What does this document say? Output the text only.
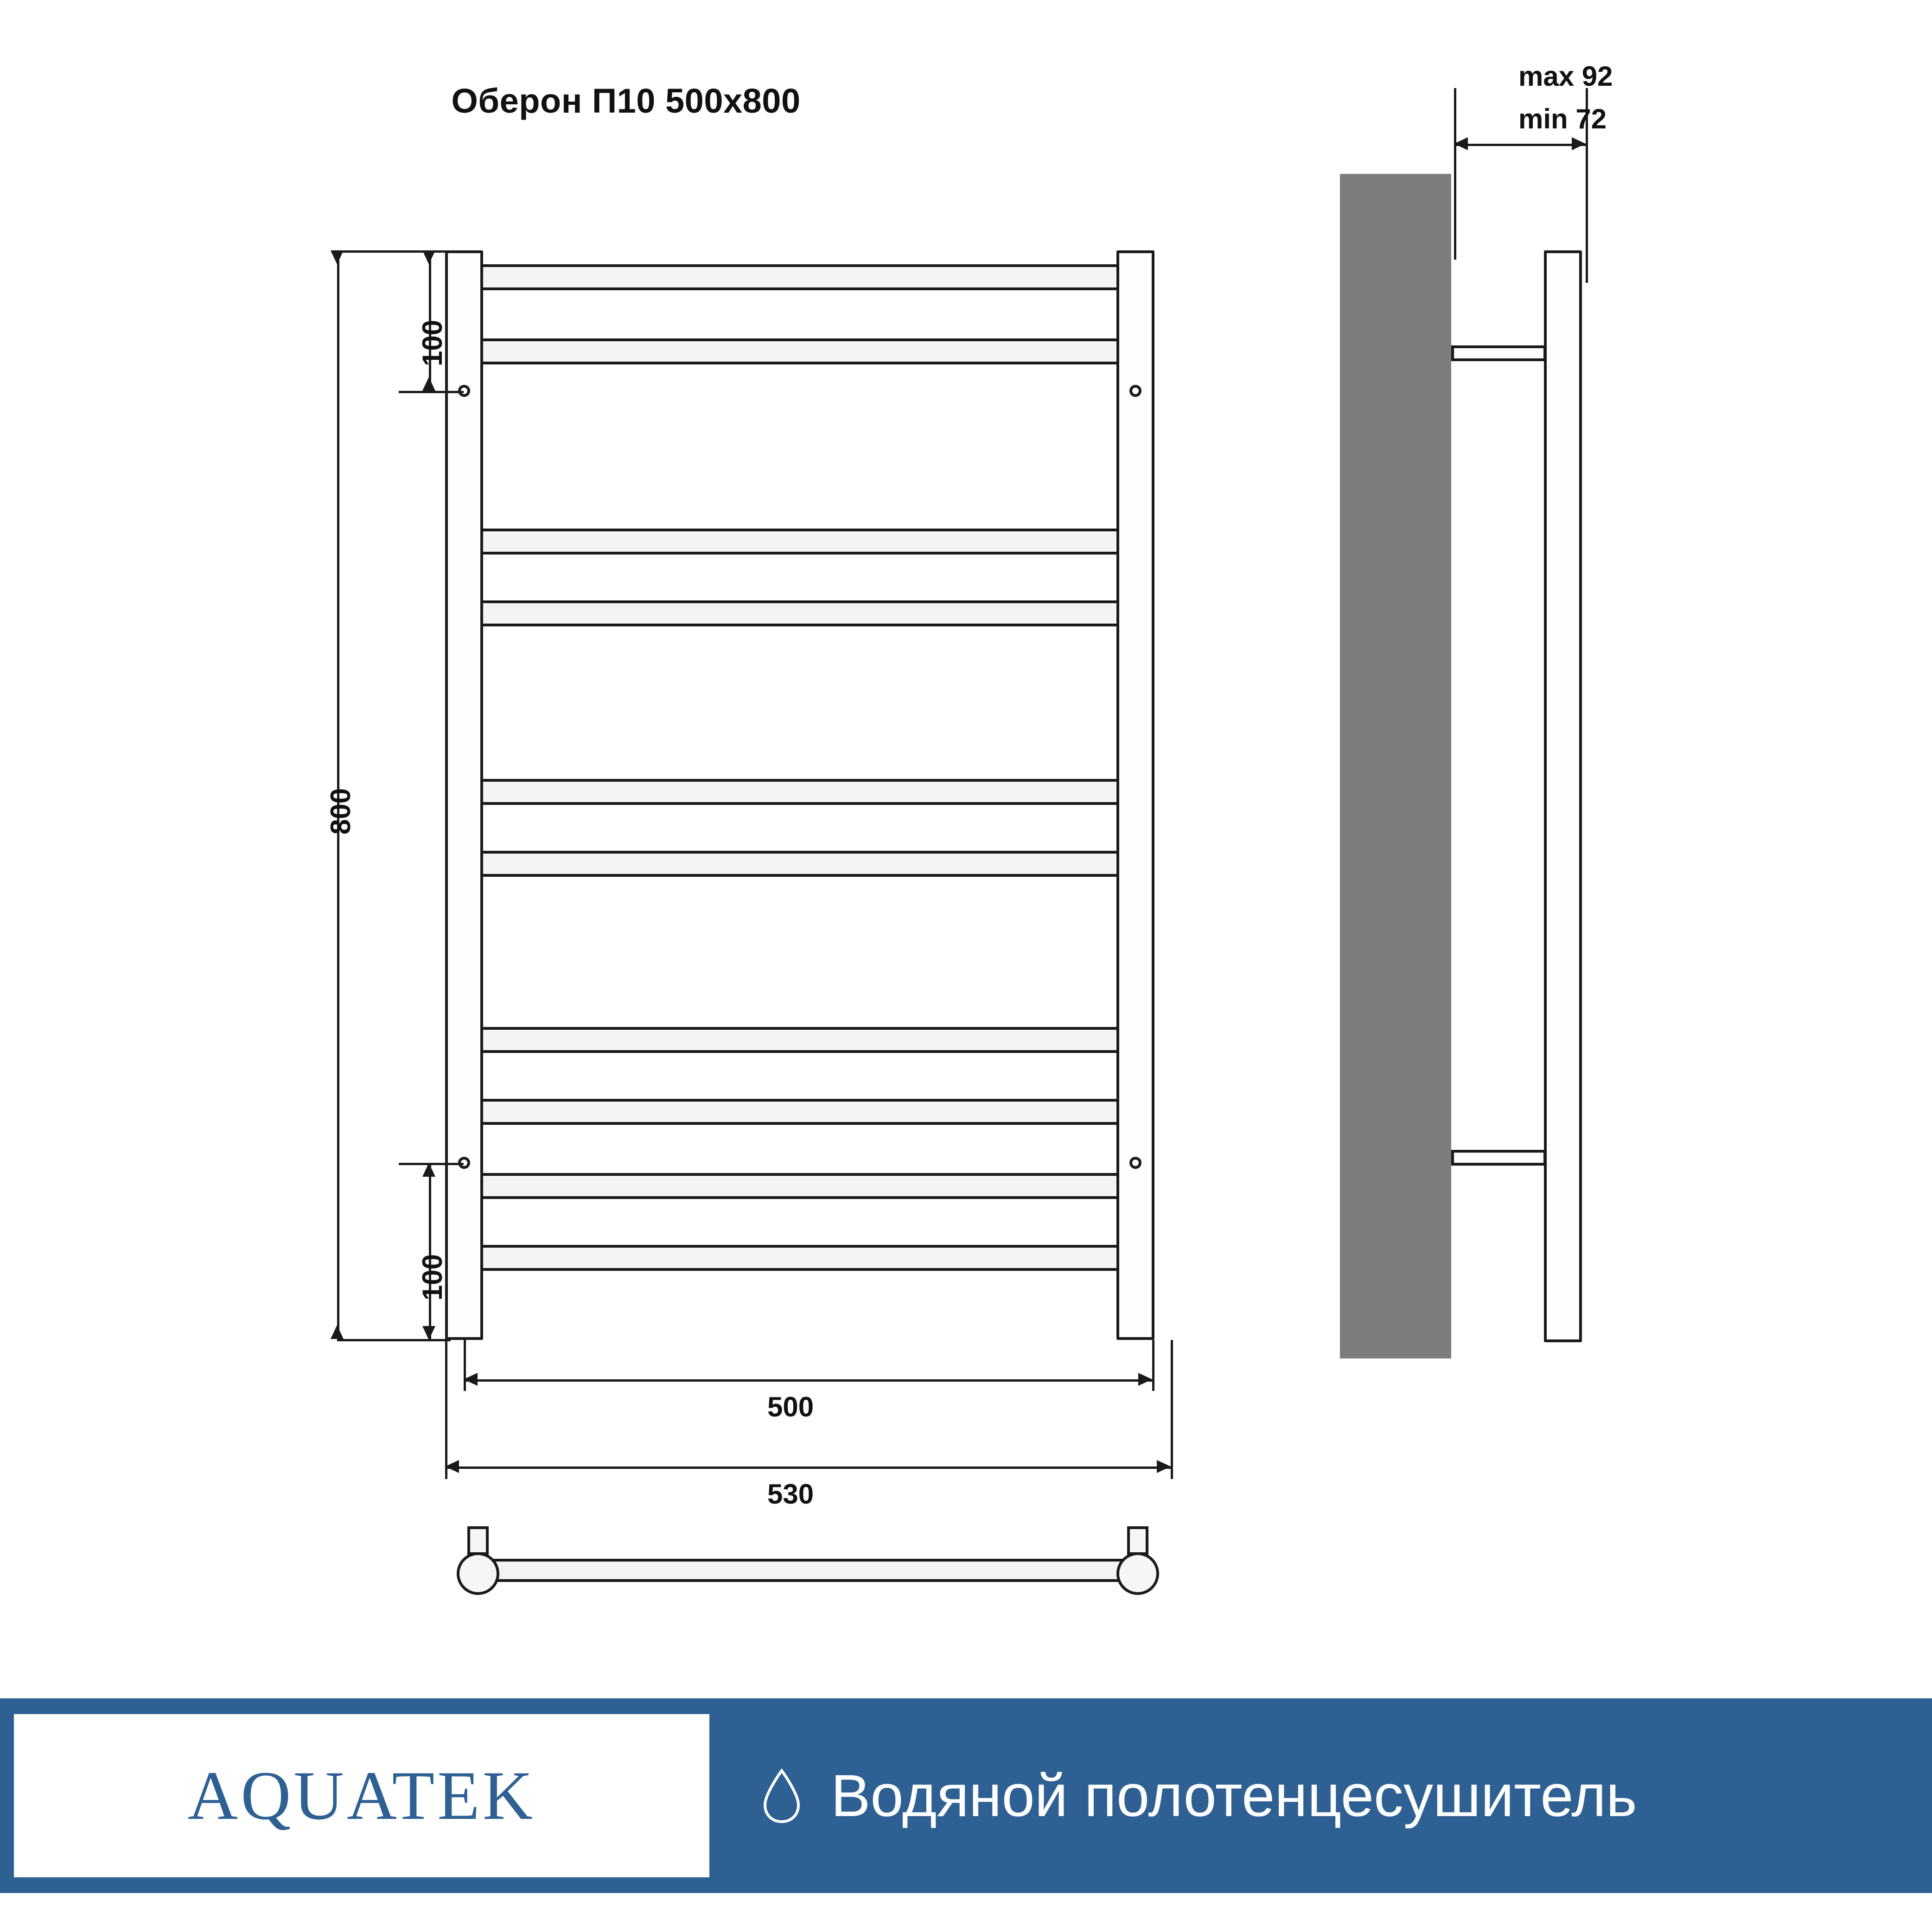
Оберон П10 500x800
800
100
100
500
530
max 92
min 72
AQUATEK	Водяной полотенцесушитель
